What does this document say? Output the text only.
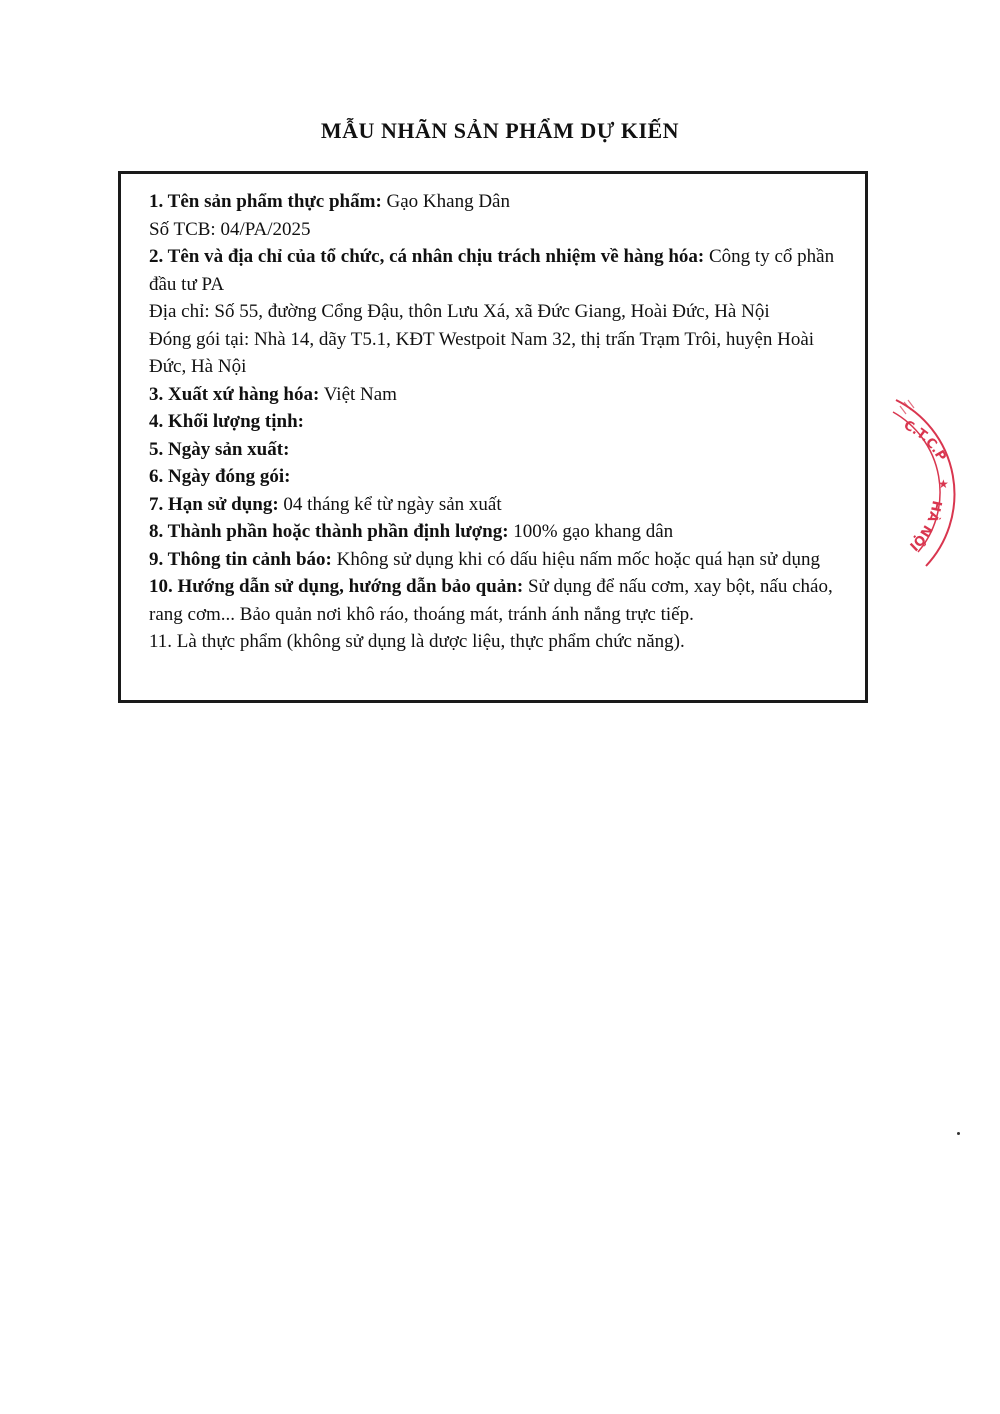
MẪU NHÃN SẢN PHẨM DỰ KIẾN
1. Tên sản phẩm thực phẩm: Gạo Khang Dân
Số TCB: 04/PA/2025
2. Tên và địa chỉ của tổ chức, cá nhân chịu trách nhiệm về hàng hóa: Công ty cổ phần đầu tư PA
Địa chỉ: Số 55, đường Cổng Đậu, thôn Lưu Xá, xã Đức Giang, Hoài Đức, Hà Nội
Đóng gói tại: Nhà 14, dãy T5.1, KĐT Westpoit Nam 32, thị trấn Trạm Trôi, huyện Hoài Đức, Hà Nội
3. Xuất xứ hàng hóa: Việt Nam
4. Khối lượng tịnh:
5. Ngày sản xuất:
6. Ngày đóng gói:
7. Hạn sử dụng: 04 tháng kể từ ngày sản xuất
8. Thành phần hoặc thành phần định lượng: 100% gạo khang dân
9. Thông tin cảnh báo: Không sử dụng khi có dấu hiệu nấm mốc hoặc quá hạn sử dụng
10. Hướng dẫn sử dụng, hướng dẫn bảo quản: Sử dụng để nấu cơm, xay bột, nấu cháo, rang cơm... Bảo quản nơi khô ráo, thoáng mát, tránh ánh nắng trực tiếp.
11. Là thực phẩm (không sử dụng là dược liệu, thực phẩm chức năng).
C.T.C.P
HÀ NỘI
★
